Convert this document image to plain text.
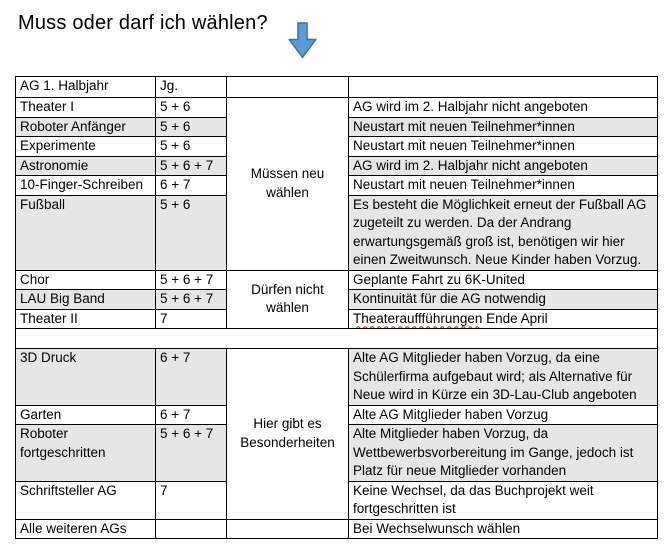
Muss oder darf ich wählen?
AG 1. Halbjahr	Jg.		
Theater I	5 + 6	Müssen neu wählen	AG wird im 2. Halbjahr nicht angeboten
Roboter Anfänger	5 + 6		Neustart mit neuen Teilnehmer*innen
Experimente	5 + 6		Neustart mit neuen Teilnehmer*innen
Astronomie	5 + 6 + 7		AG wird im 2. Halbjahr nicht angeboten
10-Finger-Schreiben	6 + 7		Neustart mit neuen Teilnehmer*innen
Fußball	5 + 6		Es besteht die Möglichkeit erneut der Fußball AG zugeteilt zu werden. Da der Andrang erwartungsgemäß groß ist, benötigen wir hier einen Zweitwunsch. Neue Kinder haben Vorzug.
Chor	5 + 6 + 7	Dürfen nicht wählen	Geplante Fahrt zu 6K-United
LAU Big Band	5 + 6 + 7		Kontinuität für die AG notwendig
Theater II	7		Theaterauffführungen Ende April

3D Druck	6 + 7	Hier gibt es Besonderheiten	Alte AG Mitglieder haben Vorzug, da eine Schülerfirma aufgebaut wird; als Alternative für Neue wird in Kürze ein 3D-Lau-Club angeboten
Garten	6 + 7		Alte AG Mitglieder haben Vorzug
Roboter fortgeschritten	5 + 6 + 7		Alte Mitglieder haben Vorzug, da Wettbewerbsvorbereitung im Gange, jedoch ist Platz für neue Mitglieder vorhanden
Schriftsteller AG	7		Keine Wechsel, da das Buchprojekt weit fortgeschritten ist
Alle weiteren AGs			Bei Wechselwunsch wählen
